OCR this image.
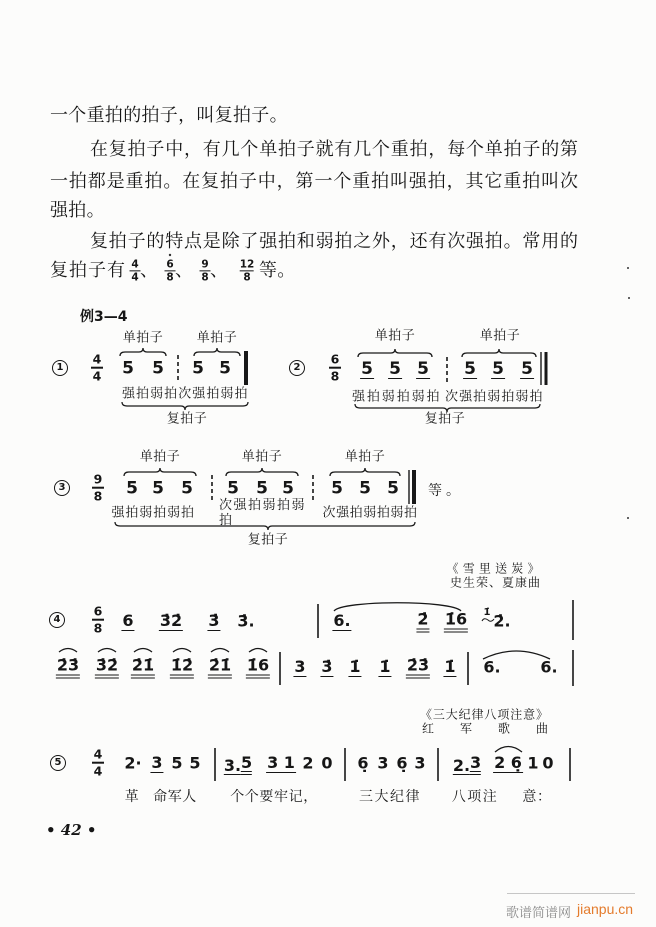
一个重拍的拍子，叫复拍子。
在复拍子中，有几个单拍子就有几个重拍，每个单拍子的第
一拍都是重拍。在复拍子中，第一个重拍叫强拍，其它重拍叫次
强拍。
复拍子的特点是除了强拍和弱拍之外，还有次强拍。常用的
复拍子有 4
4 、 6
8 、 9
8 、 12
8 等。
例3—4
1
4
4
单拍子	单拍子
5 5 5 5
强拍弱拍次强拍弱拍
复拍子
2
6
8
单拍子	单拍子
5 5 5 5 5 5
强拍弱拍弱拍 次强拍弱拍弱拍
复拍子
3
9
8
单拍子	单拍子	单拍子
5 5 5 5 5 5 5 5 5 等。
强拍弱拍弱拍 次强拍弱拍弱拍	次强拍弱拍弱拍
复拍子
《雪里送炭》
史生荣、夏康曲
4
6
8 6 3̇2̇ 3̇ 3̇.	6.	2̇ 1̇6 1̇ 2̇.
2̇3̇ 3̇2̇ 2̇1̇ 1̇2̇ 2̇1̇ 1̇6 3 3̇ 1̇ 1̇ 2̇3̇ 1̇ 6. 6.
《三大纪律八项注意》
红军歌曲
5
4
4 2· 3 5 5 3. 5 3 1 2 0 6̣ 3 6̣ 3 2. 3 2 6̣ 1 0
革 命军人 个个要牢记，	三大纪律 八项注 意：
• 42 •
歌谱简谱网 jianpu.cn
